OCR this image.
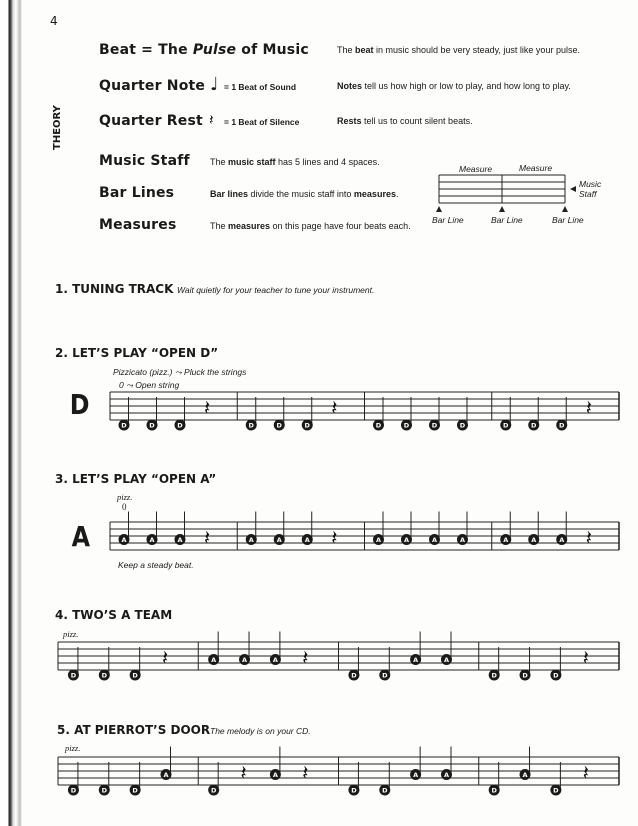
4
THEORY
Beat = The Pulse of Music	The beat in music should be very steady, just like your pulse.
Quarter Note ♩ = 1 Beat of Sound	Notes tell us how high or low to play, and how long to play.
Quarter Rest 𝄽 = 1 Beat of Silence	Rests tell us to count silent beats.
Music Staff The music staff has 5 lines and 4 spaces.
Bar Lines	Bar lines divide the music staff into measures.
Measures	The measures on this page have four beats each.
Measure	Measure
Music
Staff
Bar Line	Bar Line	Bar Line
1. TUNING TRACK Wait quietly for your teacher to tune your instrument.
2. LET’S PLAY “OPEN D”
Pizzicato (pizz.) ⤳ Pluck the strings
0 ⤳ Open string
D
D	D	D
𝄽
D	D	D
𝄽
D	D	D	D	D	D	D
𝄽
3. LET’S PLAY “OPEN A”
pizz.
0
A	A	A	A 𝄽	A	A	A 𝄽	A	A	A	A	A	A	A 𝄽
Keep a steady beat.
4. TWO’S A TEAM
pizz.
D	D	D
𝄽	A	A	A 𝄽
D	D
A	A
D	D	D
𝄽
5. AT PIERROT’S DOOR The melody is on your CD.
pizz.
D	D	D
A
D
𝄽	A 𝄽
D	D
A	A
D
A
D
𝄽
